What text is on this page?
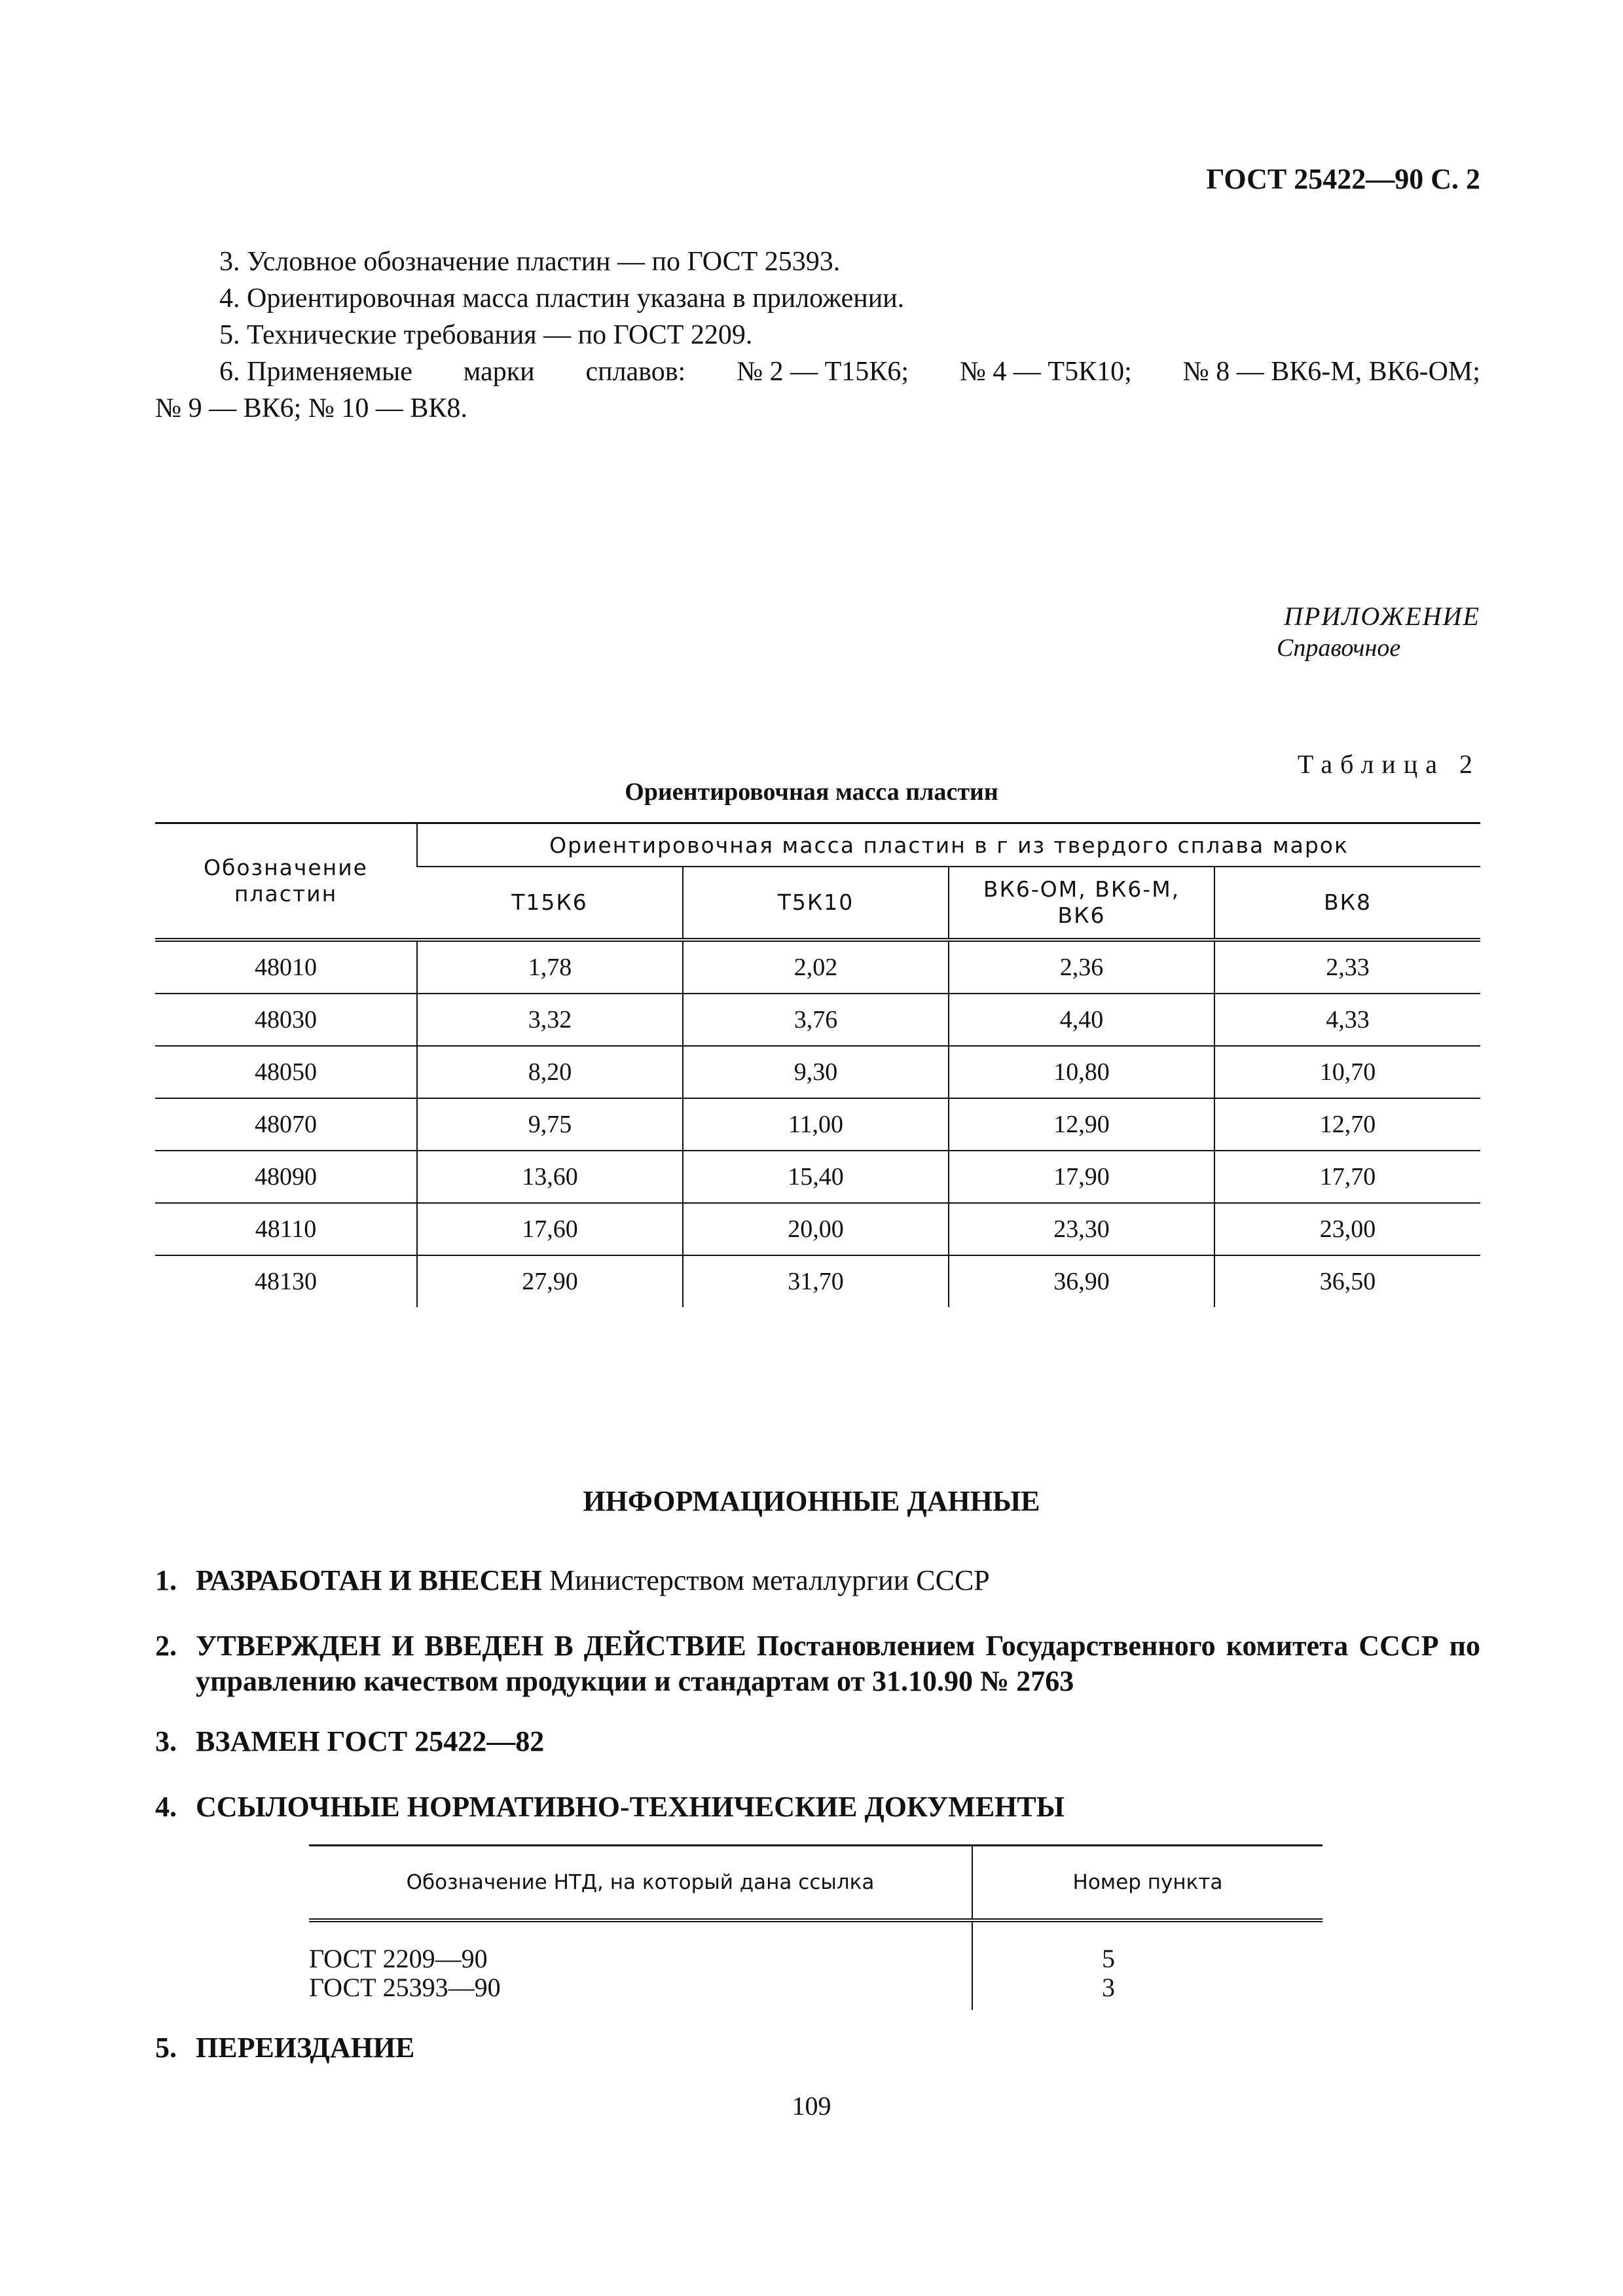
ГОСТ 25422—90 С. 2
3. Условное обозначение пластин — по ГОСТ 25393.
4. Ориентировочная масса пластин указана в приложении.
5. Технические требования — по ГОСТ 2209.
6. Применяемые марки сплавов: № 2 — Т15К6; № 4 — Т5К10; № 8 — ВК6-М, ВК6-ОМ;
№ 9 — ВК6; № 10 — ВК8.
ПРИЛОЖЕНИЕ
Справочное
Таблица 2
Ориентировочная масса пластин
Обозначение пластин	Ориентировочная масса пластин в г из твердого сплава марок			
	Т15К6	Т5К10	ВК6-ОМ, ВК6-М, ВК6	ВК8
48010	1,78	2,02	2,36	2,33
48030	3,32	3,76	4,40	4,33
48050	8,20	9,30	10,80	10,70
48070	9,75	11,00	12,90	12,70
48090	13,60	15,40	17,90	17,70
48110	17,60	20,00	23,30	23,00
48130	27,90	31,70	36,90	36,50
ИНФОРМАЦИОННЫЕ ДАННЫЕ
1. РАЗРАБОТАН И ВНЕСЕН Министерством металлургии СССР
2. УТВЕРЖДЕН И ВВЕДЕН В ДЕЙСТВИЕ Постановлением Государственного комитета СССР по управлению качеством продукции и стандартам от 31.10.90 № 2763
3. ВЗАМЕН ГОСТ 25422—82
4. ССЫЛОЧНЫЕ НОРМАТИВНО-ТЕХНИЧЕСКИЕ ДОКУМЕНТЫ
Обозначение НТД, на который дана ссылка	Номер пункта
ГОСТ 2209—90	5
ГОСТ 25393—90	3
5. ПЕРЕИЗДАНИЕ
109
